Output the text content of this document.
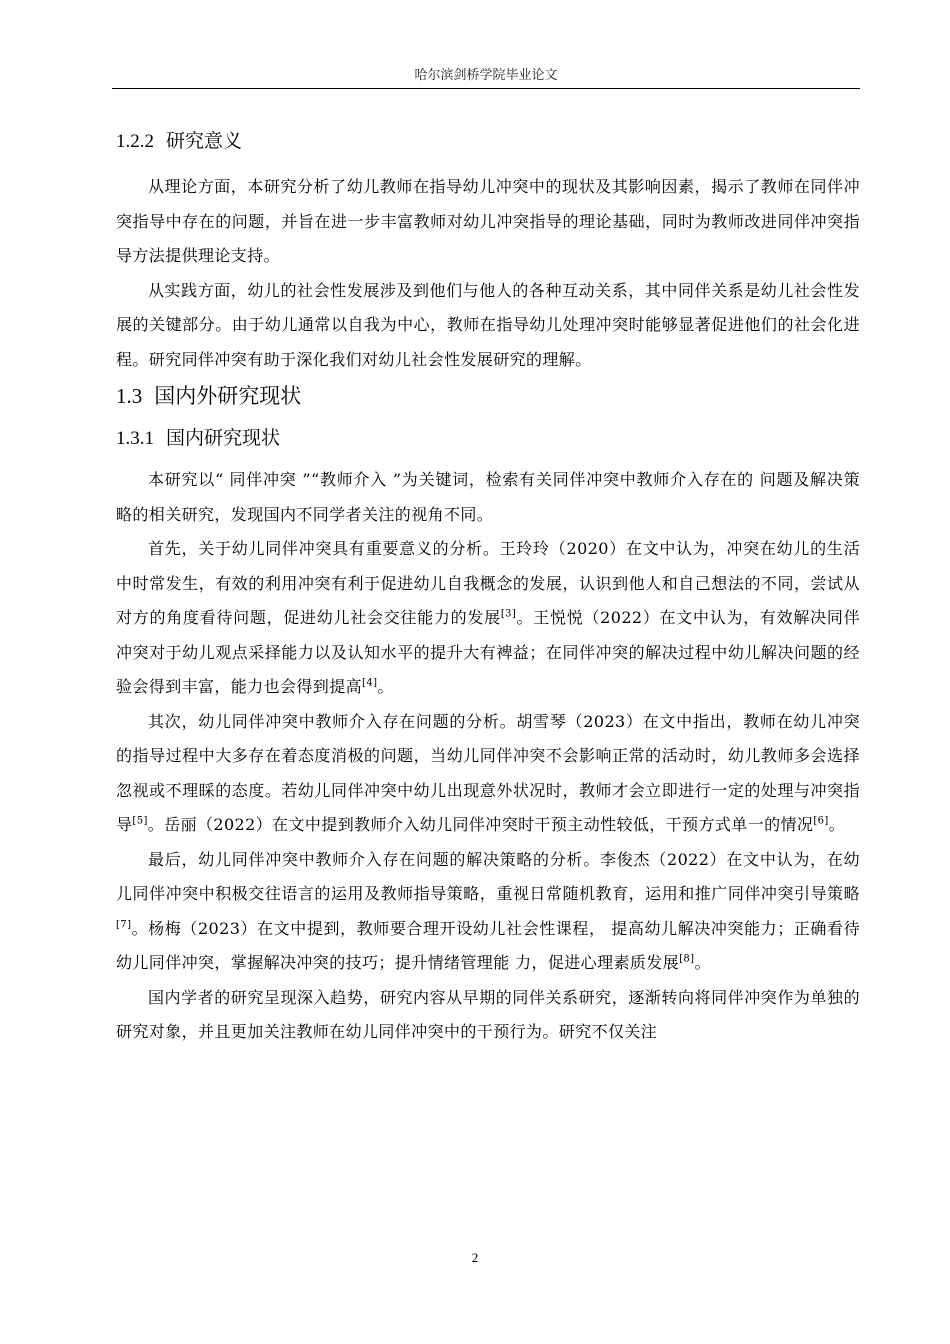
哈尔滨剑桥学院毕业论文
1.2.2 研究意义

从理论方面，本研究分析了幼儿教师在指导幼儿冲突中的现状及其影响因素，揭示了教师在同伴冲突指导中存在的问题，并旨在进一步丰富教师对幼儿冲突指导的理论基础，同时为教师改进同伴冲突指导方法提供理论支持。

从实践方面，幼儿的社会性发展涉及到他们与他人的各种互动关系，其中同伴关系是幼儿社会性发展的关键部分。由于幼儿通常以自我为中心，教师在指导幼儿处理冲突时能够显著促进他们的社会化进程。研究同伴冲突有助于深化我们对幼儿社会性发展研究的理解。

1.3 国内外研究现状
1.3.1 国内研究现状

本研究以“ 同伴冲突 ”“教师介入 ”为关键词，检索有关同伴冲突中教师介入存在的 问题及解决策略的相关研究，发现国内不同学者关注的视角不同。

首先，关于幼儿同伴冲突具有重要意义的分析。王玲玲（2020）在文中认为，冲突在幼儿的生活中时常发生，有效的利用冲突有利于促进幼儿自我概念的发展，认识到他人和自己想法的不同，尝试从对方的角度看待问题，促进幼儿社会交往能力的发展[3]。王悦悦（2022）在文中认为，有效解决同伴冲突对于幼儿观点采择能力以及认知水平的提升大有裨益；在同伴冲突的解决过程中幼儿解决问题的经验会得到丰富，能力也会得到提高[4]。

其次，幼儿同伴冲突中教师介入存在问题的分析。胡雪琴（2023）在文中指出，教师在幼儿冲突的指导过程中大多存在着态度消极的问题，当幼儿同伴冲突不会影响正常的活动时，幼儿教师多会选择忽视或不理睬的态度。若幼儿同伴冲突中幼儿出现意外状况时，教师才会立即进行一定的处理与冲突指导[5]。岳丽（2022）在文中提到教师介入幼儿同伴冲突时干预主动性较低，干预方式单一的情况[6]。

最后，幼儿同伴冲突中教师介入存在问题的解决策略的分析。李俊杰（2022）在文中认为，在幼儿同伴冲突中积极交往语言的运用及教师指导策略，重视日常随机教育，运用和推广同伴冲突引导策略[7]。杨梅（2023）在文中提到，教师要合理开设幼儿社会性课程， 提高幼儿解决冲突能力；正确看待幼儿同伴冲突，掌握解决冲突的技巧；提升情绪管理能 力，促进心理素质发展[8]。

国内学者的研究呈现深入趋势，研究内容从早期的同伴关系研究，逐渐转向将同伴冲突作为单独的研究对象，并且更加关注教师在幼儿同伴冲突中的干预行为。研究不仅关注

2
